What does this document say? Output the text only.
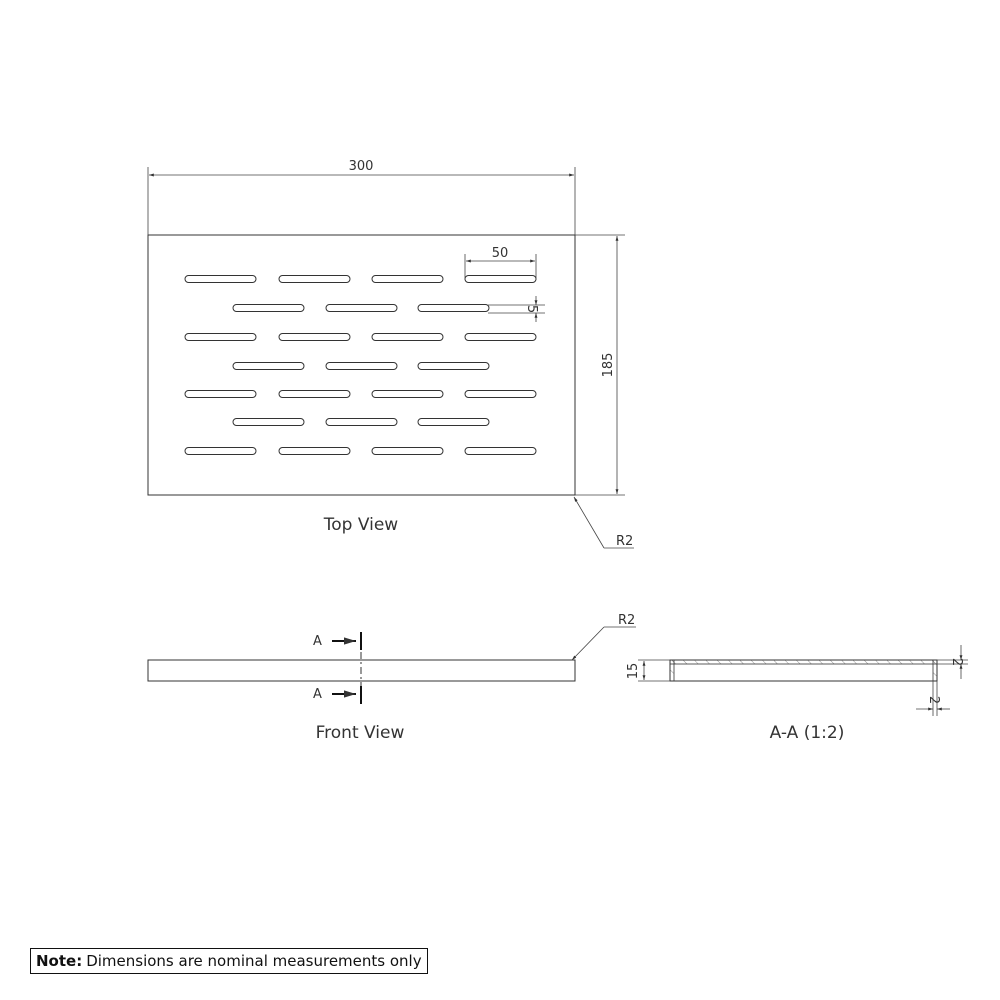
300
185
50
5
R2
Top View
A
A
R2
Front View
15
2
2
A-A (1:2)
Note: Dimensions are nominal measurements only
